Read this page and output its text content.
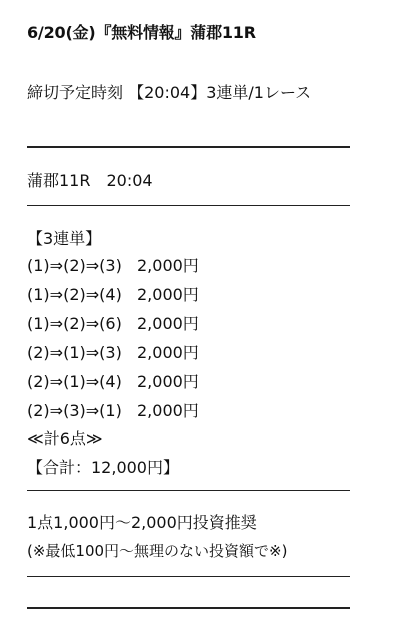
6/20(金)『無料情報』蒲郡11R
締切予定時刻 【20:04】3連単/1レース
蒲郡11R　20:04
【3連単】
(1)⇒(2)⇒(3) 2,000円
(1)⇒(2)⇒(4) 2,000円
(1)⇒(2)⇒(6) 2,000円
(2)⇒(1)⇒(3) 2,000円
(2)⇒(1)⇒(4) 2,000円
(2)⇒(3)⇒(1) 2,000円
≪計6点≫
【合計：12,000円】
1点1,000円〜2,000円投資推奨
(※最低100円〜無理のない投資額で※)
